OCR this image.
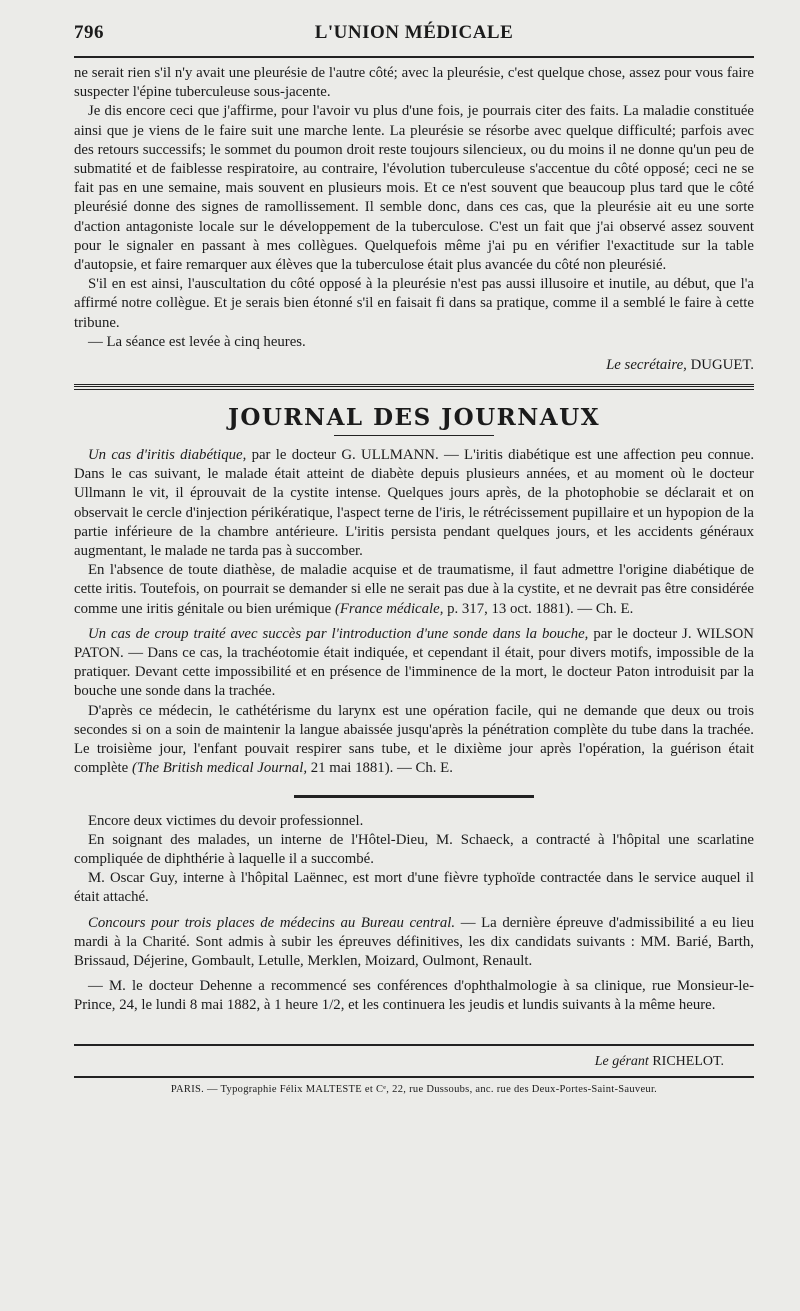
796	L'UNION MÉDICALE

ne serait rien s'il n'y avait une pleurésie de l'autre côté; avec la pleurésie, c'est quelque chose, assez pour vous faire suspecter l'épine tuberculeuse sous-jacente.

Je dis encore ceci que j'affirme, pour l'avoir vu plus d'une fois, je pourrais citer des faits. La maladie constituée ainsi que je viens de le faire suit une marche lente. La pleurésie se résorbe avec quelque difficulté; parfois avec des retours successifs; le sommet du poumon droit reste toujours silencieux, ou du moins il ne donne qu'un peu de submatité et de faiblesse respiratoire, au contraire, l'évolution tuberculeuse s'accentue du côté opposé; ceci ne se fait pas en une semaine, mais souvent en plusieurs mois. Et ce n'est souvent que beaucoup plus tard que le côté pleurésié donne des signes de ramollissement. Il semble donc, dans ces cas, que la pleurésie ait eu une sorte d'action antagoniste locale sur le développement de la tuberculose. C'est un fait que j'ai observé assez souvent pour le signaler en passant à mes collègues. Quelquefois même j'ai pu en vérifier l'exactitude sur la table d'autopsie, et faire remarquer aux élèves que la tuberculose était plus avancée du côté non pleurésié.

S'il en est ainsi, l'auscultation du côté opposé à la pleurésie n'est pas aussi illusoire et inutile, au début, que l'a affirmé notre collègue. Et je serais bien étonné s'il en faisait fi dans sa pratique, comme il a semblé le faire à cette tribune.

— La séance est levée à cinq heures.

Le secrétaire, DUGUET.
JOURNAL DES JOURNAUX

Un cas d'iritis diabétique, par le docteur G. ULLMANN. — L'iritis diabétique est une affection peu connue. Dans le cas suivant, le malade était atteint de diabète depuis plusieurs années, et au moment où le docteur Ullmann le vit, il éprouvait de la cystite intense. Quelques jours après, de la photophobie se déclarait et on observait le cercle d'injection périkératique, l'aspect terne de l'iris, le rétrécissement pupillaire et un hypopion de la partie inférieure de la chambre antérieure. L'iritis persista pendant quelques jours, et les accidents généraux augmentant, le malade ne tarda pas à succomber.

En l'absence de toute diathèse, de maladie acquise et de traumatisme, il faut admettre l'origine diabétique de cette iritis. Toutefois, on pourrait se demander si elle ne serait pas due à la cystite, et ne devrait pas être considérée comme une iritis génitale ou bien urémique (France médicale, p. 317, 13 oct. 1881). — Ch. E.

Un cas de croup traité avec succès par l'introduction d'une sonde dans la bouche, par le docteur J. WILSON PATON. — Dans ce cas, la trachéotomie était indiquée, et cependant il était, pour divers motifs, impossible de la pratiquer. Devant cette impossibilité et en présence de l'imminence de la mort, le docteur Paton introduisit par la bouche une sonde dans la trachée.

D'après ce médecin, le cathétérisme du larynx est une opération facile, qui ne demande que deux ou trois secondes si on a soin de maintenir la langue abaissée jusqu'après la pénétration complète du tube dans la trachée. Le troisième jour, l'enfant pouvait respirer sans tube, et le dixième jour après l'opération, la guérison était complète (The British medical Journal, 21 mai 1881). — Ch. E.

Encore deux victimes du devoir professionnel.

En soignant des malades, un interne de l'Hôtel-Dieu, M. Schaeck, a contracté à l'hôpital une scarlatine compliquée de diphthérie à laquelle il a succombé.

M. Oscar Guy, interne à l'hôpital Laënnec, est mort d'une fièvre typhoïde contractée dans le service auquel il était attaché.

Concours pour trois places de médecins au Bureau central. — La dernière épreuve d'admissibilité a eu lieu mardi à la Charité. Sont admis à subir les épreuves définitives, les dix candidats suivants : MM. Barié, Barth, Brissaud, Déjerine, Gombault, Letulle, Merklen, Moizard, Oulmont, Renault.

— M. le docteur Dehenne a recommencé ses conférences d'ophthalmologie à sa clinique, rue Monsieur-le-Prince, 24, le lundi 8 mai 1882, à 1 heure 1/2, et les continuera les jeudis et lundis suivants à la même heure.

Le gérant RICHELOT.
PARIS. — Typographie Félix MALTESTE et Cᵉ, 22, rue Dussoubs, anc. rue des Deux-Portes-Saint-Sauveur.
